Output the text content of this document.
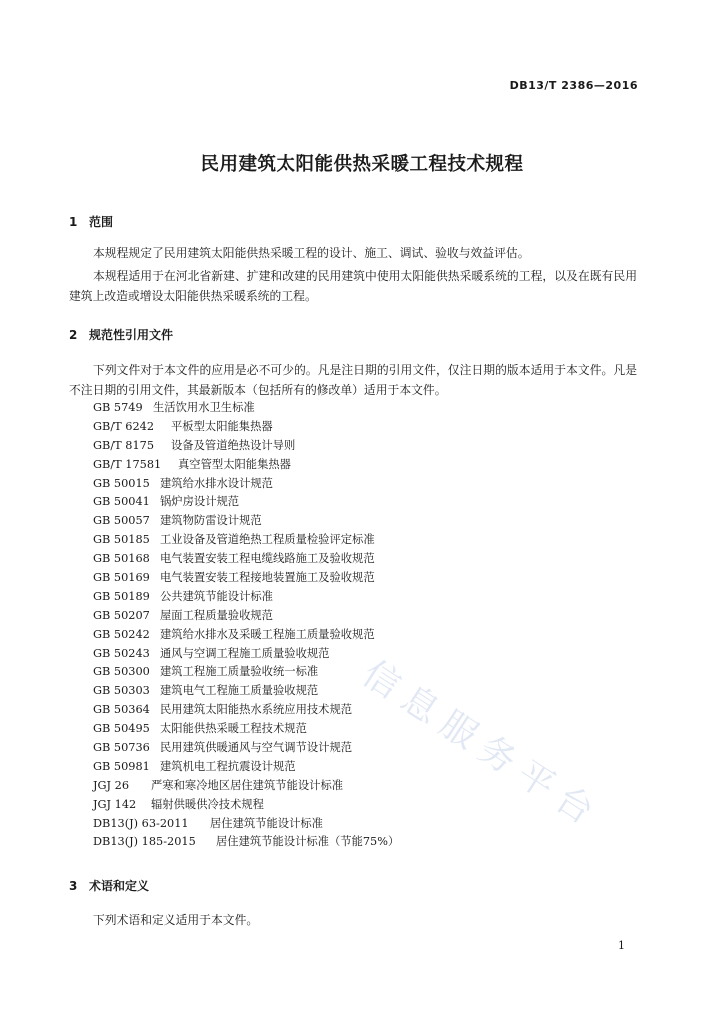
DB13/T 2386—2016
民用建筑太阳能供热采暖工程技术规程
1 范围
本规程规定了民用建筑太阳能供热采暖工程的设计、施工、调试、验收与效益评估。
本规程适用于在河北省新建、扩建和改建的民用建筑中使用太阳能供热采暖系统的工程，以及在既有民用建筑上改造或增设太阳能供热采暖系统的工程。
2 规范性引用文件
下列文件对于本文件的应用是必不可少的。凡是注日期的引用文件，仅注日期的版本适用于本文件。凡是不注日期的引用文件，其最新版本（包括所有的修改单）适用于本文件。
GB 5749 生活饮用水卫生标准
GB/T 6242 平板型太阳能集热器
GB/T 8175 设备及管道绝热设计导则
GB/T 17581 真空管型太阳能集热器
GB 50015 建筑给水排水设计规范
GB 50041 锅炉房设计规范
GB 50057 建筑物防雷设计规范
GB 50185 工业设备及管道绝热工程质量检验评定标准
GB 50168 电气装置安装工程电缆线路施工及验收规范
GB 50169 电气装置安装工程接地装置施工及验收规范
GB 50189 公共建筑节能设计标准
GB 50207 屋面工程质量验收规范
GB 50242 建筑给水排水及采暖工程施工质量验收规范
GB 50243 通风与空调工程施工质量验收规范
GB 50300 建筑工程施工质量验收统一标准
GB 50303 建筑电气工程施工质量验收规范
GB 50364 民用建筑太阳能热水系统应用技术规范
GB 50495 太阳能供热采暖工程技术规范
GB 50736 民用建筑供暖通风与空气调节设计规范
GB 50981 建筑机电工程抗震设计规范
JGJ 26 严寒和寒冷地区居住建筑节能设计标准
JGJ 142 辐射供暖供冷技术规程
DB13(J) 63-2011 居住建筑节能设计标准
DB13(J) 185-2015 居住建筑节能设计标准（节能75%）
3 术语和定义
下列术语和定义适用于本文件。
1
信息服务平台
